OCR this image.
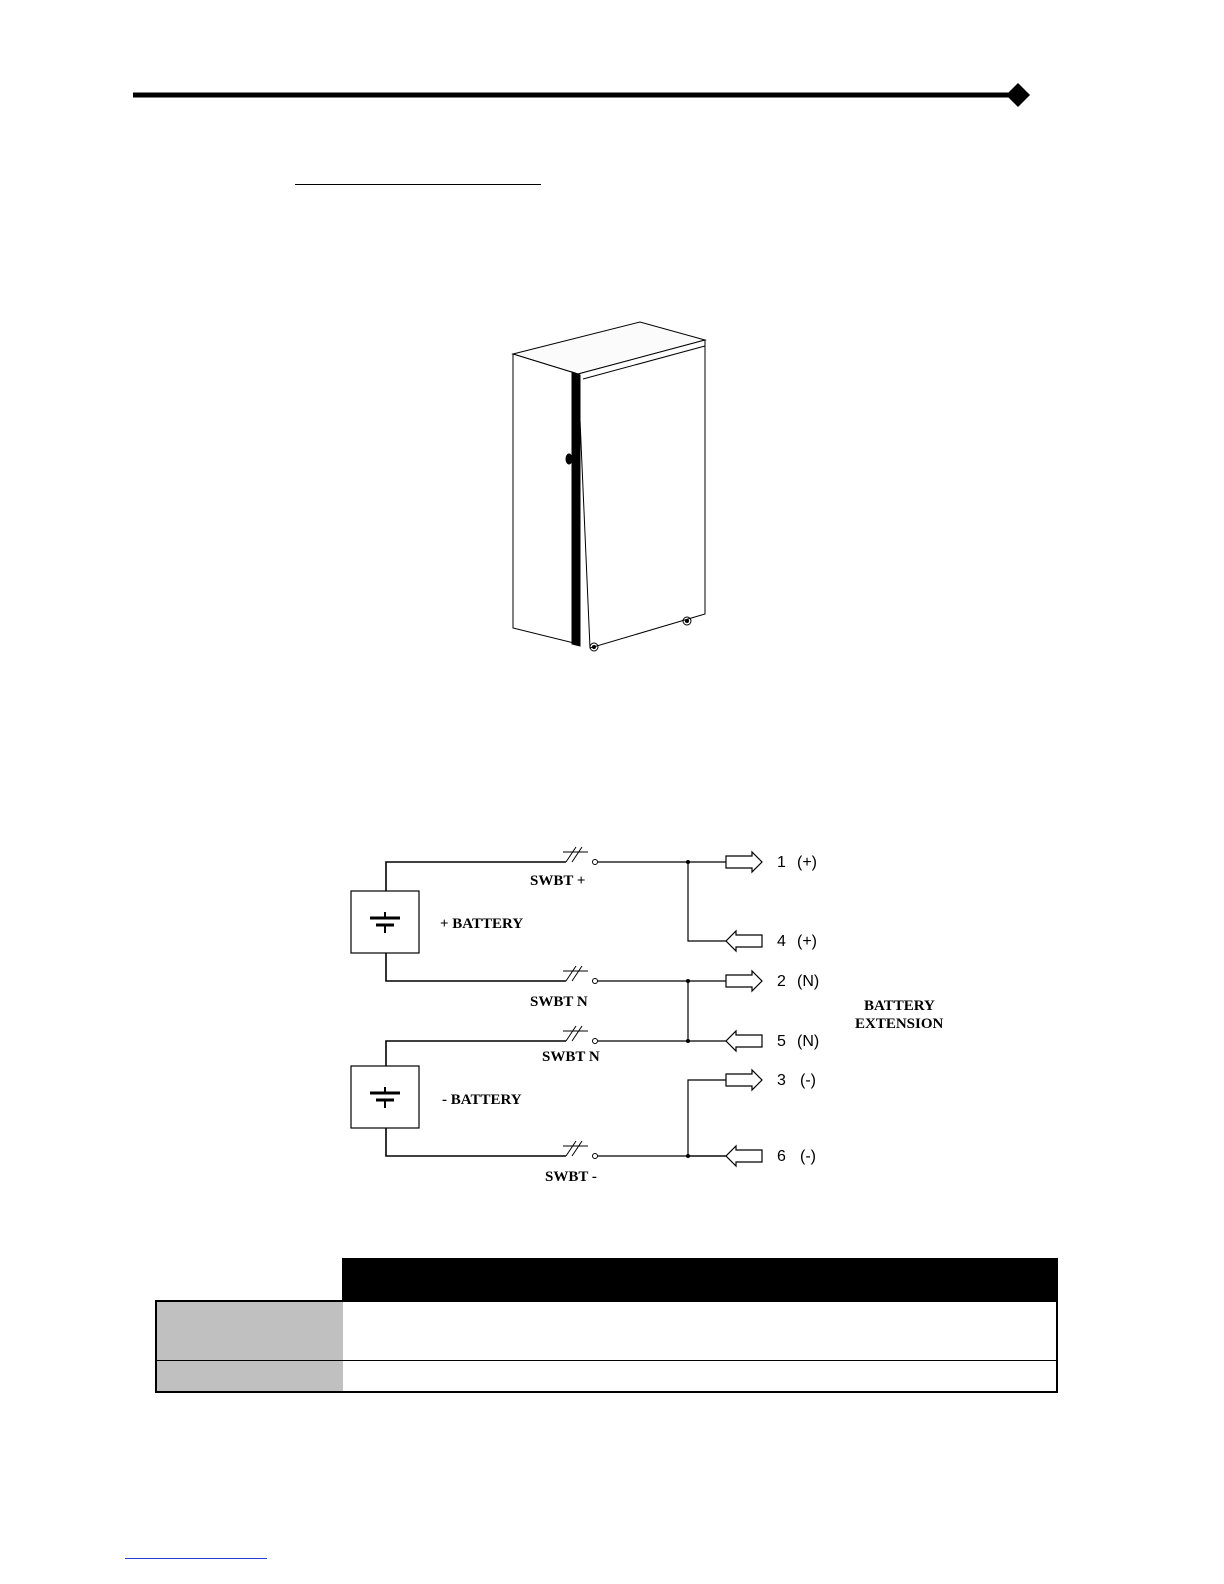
SWBT +
SWBT N
SWBT N
SWBT -
+ BATTERY
- BATTERY
1 (+)
4 (+)
2 (N)
5 (N)
3 (-)
6 (-)
BATTERY
EXTENSION
